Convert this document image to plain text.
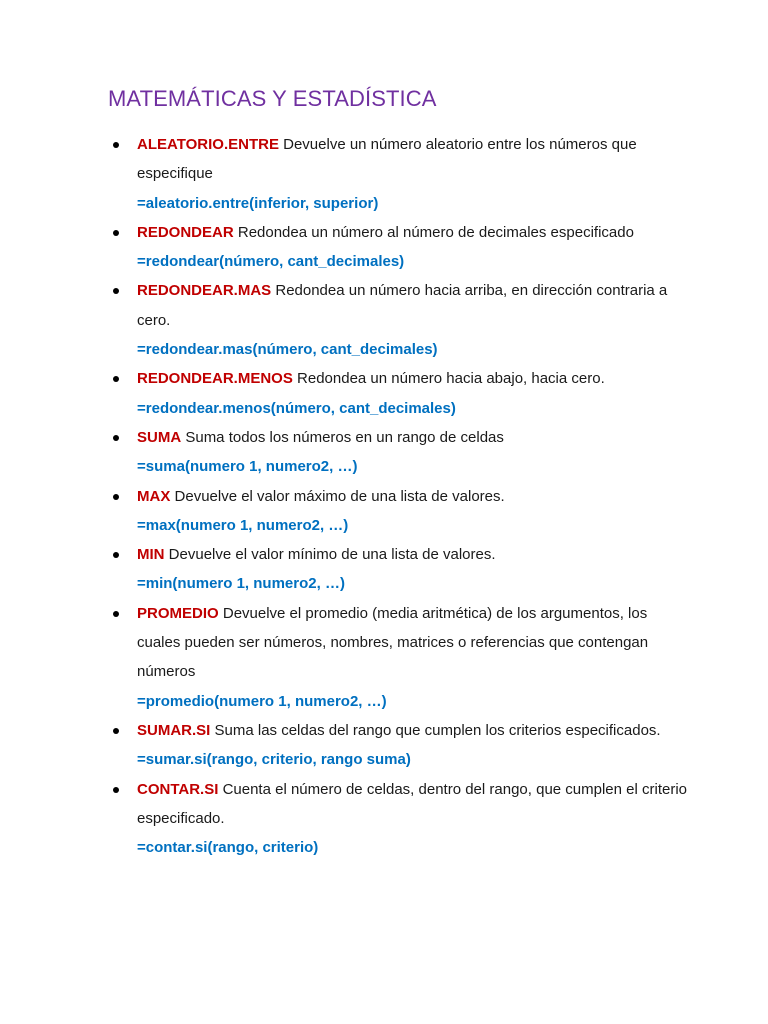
MATEMÁTICAS Y ESTADÍSTICA
ALEATORIO.ENTRE Devuelve un número aleatorio entre los números que especifique
=aleatorio.entre(inferior, superior)
REDONDEAR Redondea un número al número de decimales especificado
=redondear(número, cant_decimales)
REDONDEAR.MAS Redondea un número hacia arriba, en dirección contraria a cero.
=redondear.mas(número, cant_decimales)
REDONDEAR.MENOS Redondea un número hacia abajo, hacia cero.
=redondear.menos(número, cant_decimales)
SUMA Suma todos los números en un rango de celdas
=suma(numero 1, numero2, …)
MAX Devuelve el valor máximo de una lista de valores.
=max(numero 1, numero2, …)
MIN Devuelve el valor mínimo de una lista de valores.
=min(numero 1, numero2, …)
PROMEDIO Devuelve el promedio (media aritmética) de los argumentos, los cuales pueden ser números, nombres, matrices o referencias que contengan números
=promedio(numero 1, numero2, …)
SUMAR.SI Suma las celdas del rango que cumplen los criterios especificados.
=sumar.si(rango, criterio, rango suma)
CONTAR.SI Cuenta el número de celdas, dentro del rango, que cumplen el criterio especificado.
=contar.si(rango, criterio)
